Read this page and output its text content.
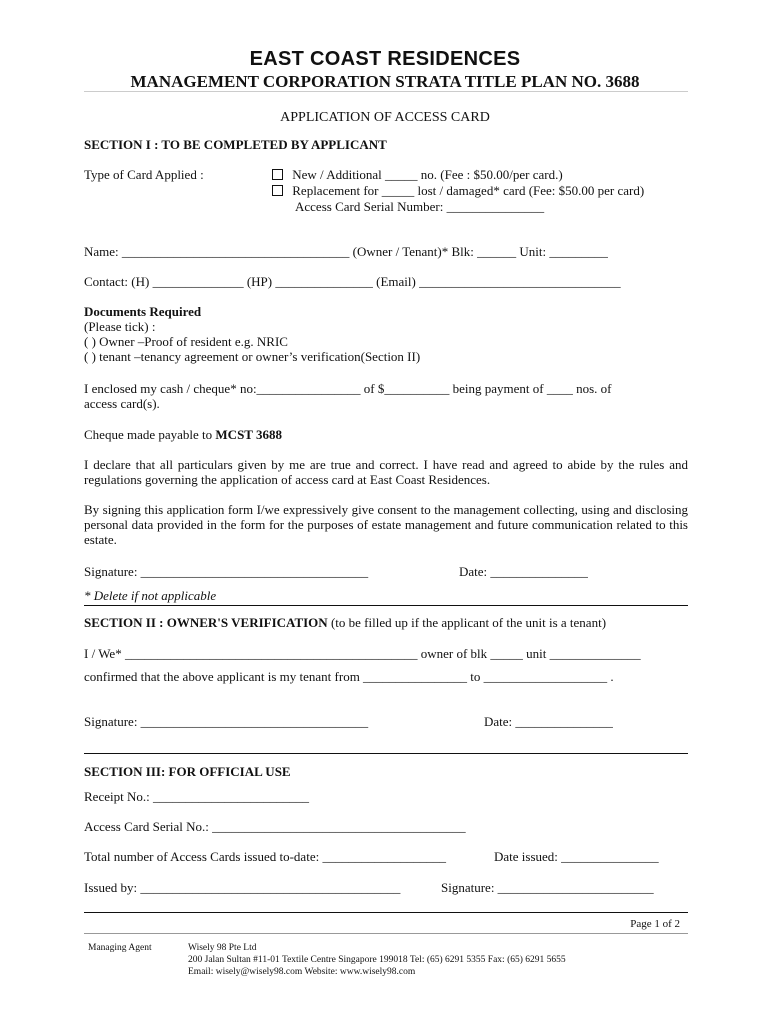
EAST COAST RESIDENCES
MANAGEMENT CORPORATION STRATA TITLE PLAN NO. 3688
APPLICATION OF ACCESS CARD
SECTION I : TO BE COMPLETED BY APPLICANT
Type of Card Applied :	New / Additional _____ no. (Fee : $50.00/per card.)
Replacement for _____ lost / damaged* card (Fee: $50.00 per card)
Access Card Serial Number: _______________
Name: ___________________________________ (Owner / Tenant)* Blk: ______ Unit: _________
Contact: (H) ______________ (HP) _______________ (Email) _______________________________
Documents Required
(Please tick) :
( ) Owner –Proof of resident e.g. NRIC
( ) tenant –tenancy agreement or owner’s verification(Section II)
I enclosed my cash / cheque* no:________________ of $__________ being payment of ____ nos. of
access card(s).
Cheque made payable to MCST 3688
I declare that all particulars given by me are true and correct. I have read and agreed to abide by the rules and regulations governing the application of access card at East Coast Residences.
By signing this application form I/we expressively give consent to the management collecting, using and disclosing personal data provided in the form for the purposes of estate management and future communication related to this estate.
Signature: ___________________________________	Date: _______________
* Delete if not applicable
SECTION II : OWNER'S VERIFICATION (to be filled up if the applicant of the unit is a tenant)
I / We* _____________________________________________ owner of blk _____ unit ______________
confirmed that the above applicant is my tenant from ________________ to ___________________ .
Signature: ___________________________________	Date: _______________
SECTION III: FOR OFFICIAL USE
Receipt No.: ________________________
Access Card Serial No.: _______________________________________
Total number of Access Cards issued to-date: ___________________	Date issued: _______________
Issued by: ________________________________________	Signature: ________________________
Page 1 of 2
Managing Agent	Wisely 98 Pte Ltd
200 Jalan Sultan #11-01 Textile Centre Singapore 199018 Tel: (65) 6291 5355 Fax: (65) 6291 5655
Email: wisely@wisely98.com Website: www.wisely98.com
